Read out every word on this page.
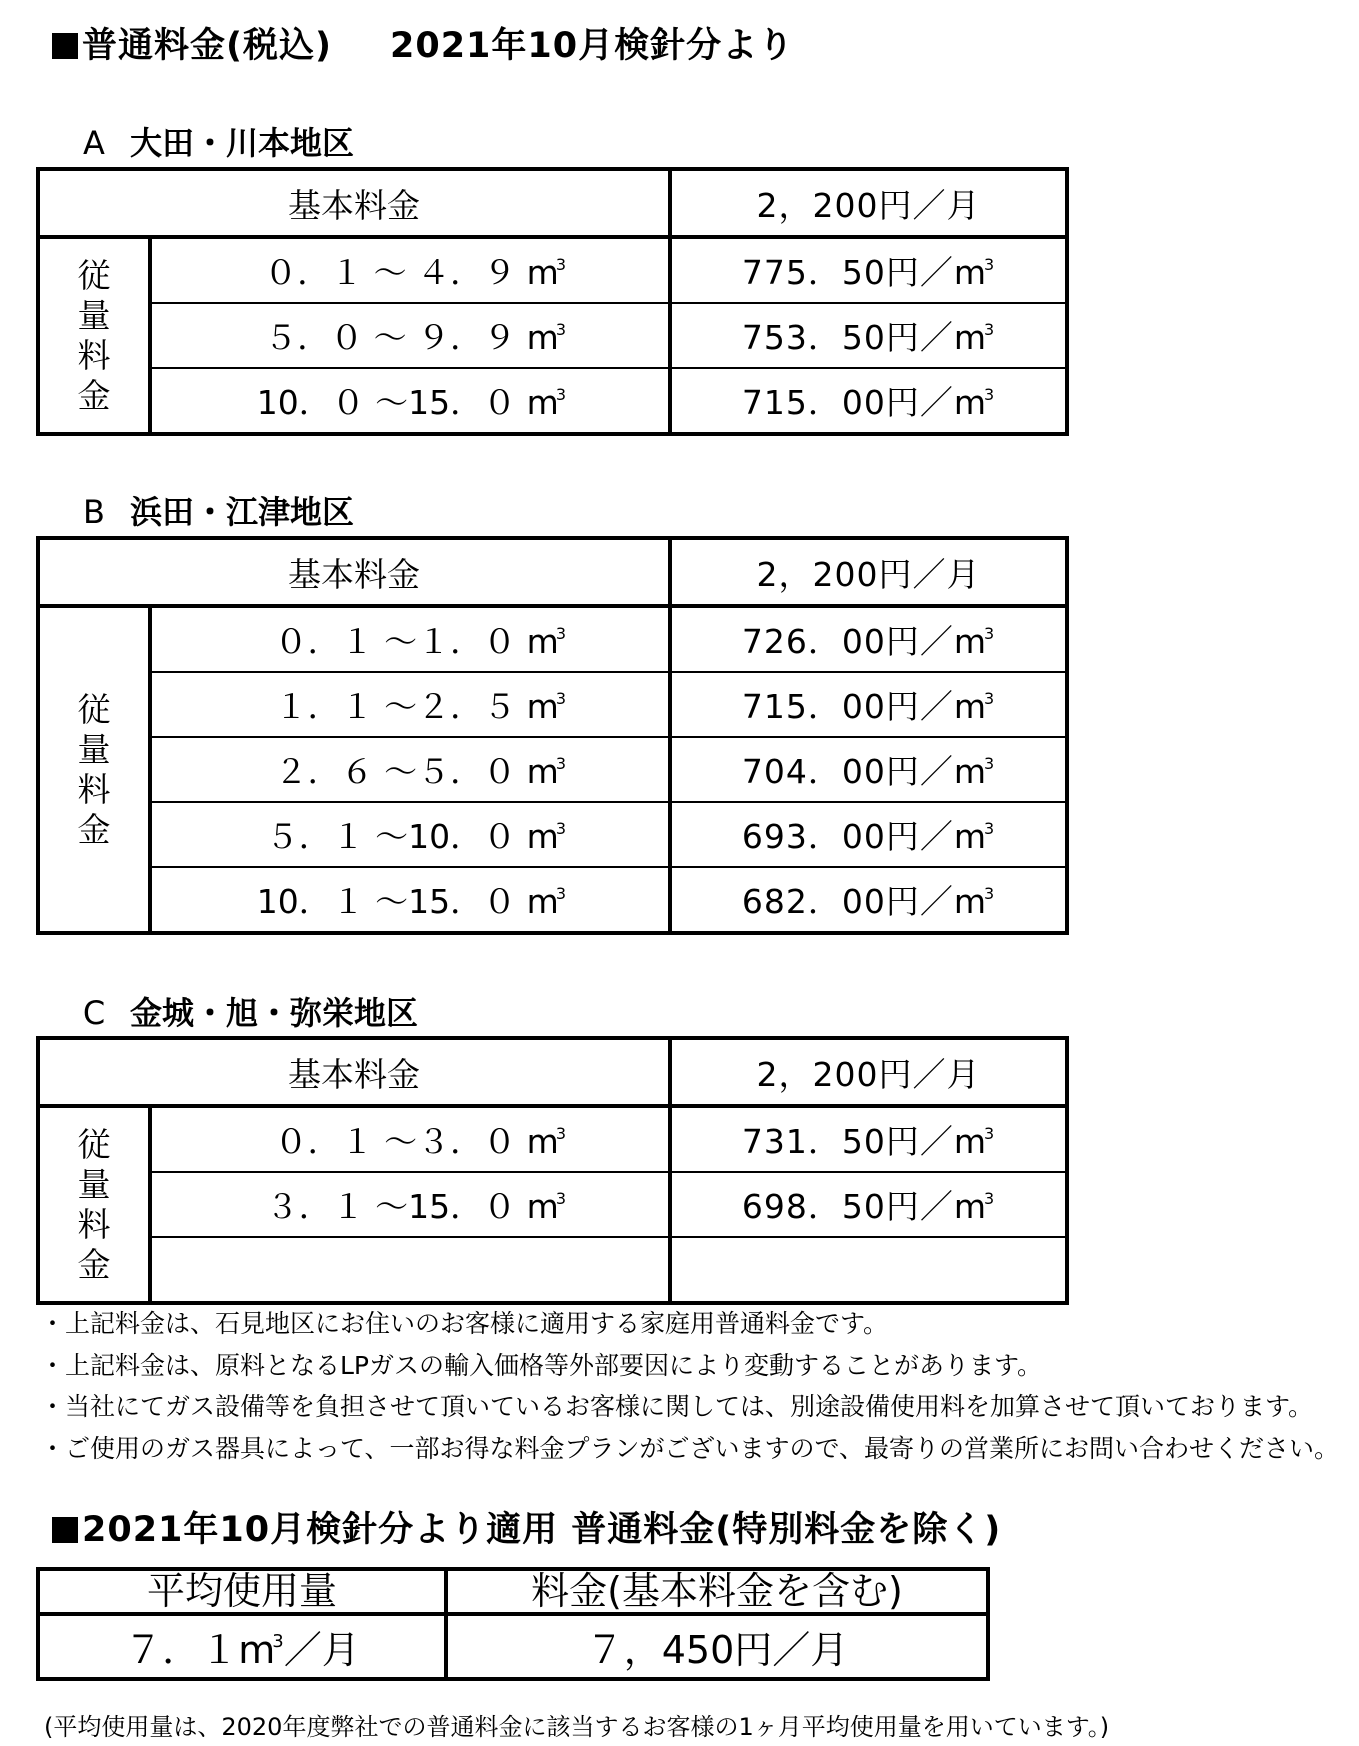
普通料金(税込) 2021年10月検針分より
A 大田・川本地区
基本料金		2，200円／月

従
量
料
金	０．１ ～ ４．９ $m^3$	775．50円$/m^3$
	５．０ ～ ９．９ $m^3$	753．50円$/m^3$
	10．０ ～15．０ $m^3$	715．00円$/m^3$
B 浜田・江津地区
基本料金		2，200円／月

従
量
料
金	０．１ ～１．０ $m^3$	726．00円$/m^3$
	１．１ ～２．５ $m^3$	715．00円$/m^3$
	２．６ ～５．０ $m^3$	704．00円$/m^3$
	５．１ ～10．０ $m^3$	693．00円$/m^3$
	10．１ ～15．０ $m^3$	682．00円$/m^3$
C 金城・旭・弥栄地区
基本料金		2，200円／月

従
量
料
金	０．１ ～３．０ $m^3$	731．50円$/m^3$
	３．１ ～15．０ $m^3$	698．50円$/m^3$

・上記料金は、石見地区にお住いのお客様に適用する家庭用普通料金です。
・上記料金は、原料となるLPガスの輸入価格等外部要因により変動することがあります。
・当社にてガス設備等を負担させて頂いているお客様に関しては、別途設備使用料を加算させて頂いております。
・ご使用のガス器具によって、一部お得な料金プランがございますので、最寄りの営業所にお問い合わせください。
2021年10月検針分より適用 普通料金(特別料金を除く)
平均使用量	料金(基本料金を含む)
７．$1m^3/$月	７，450円／月
(平均使用量は、2020年度弊社での普通料金に該当するお客様の1ヶ月平均使用量を用いています。)
